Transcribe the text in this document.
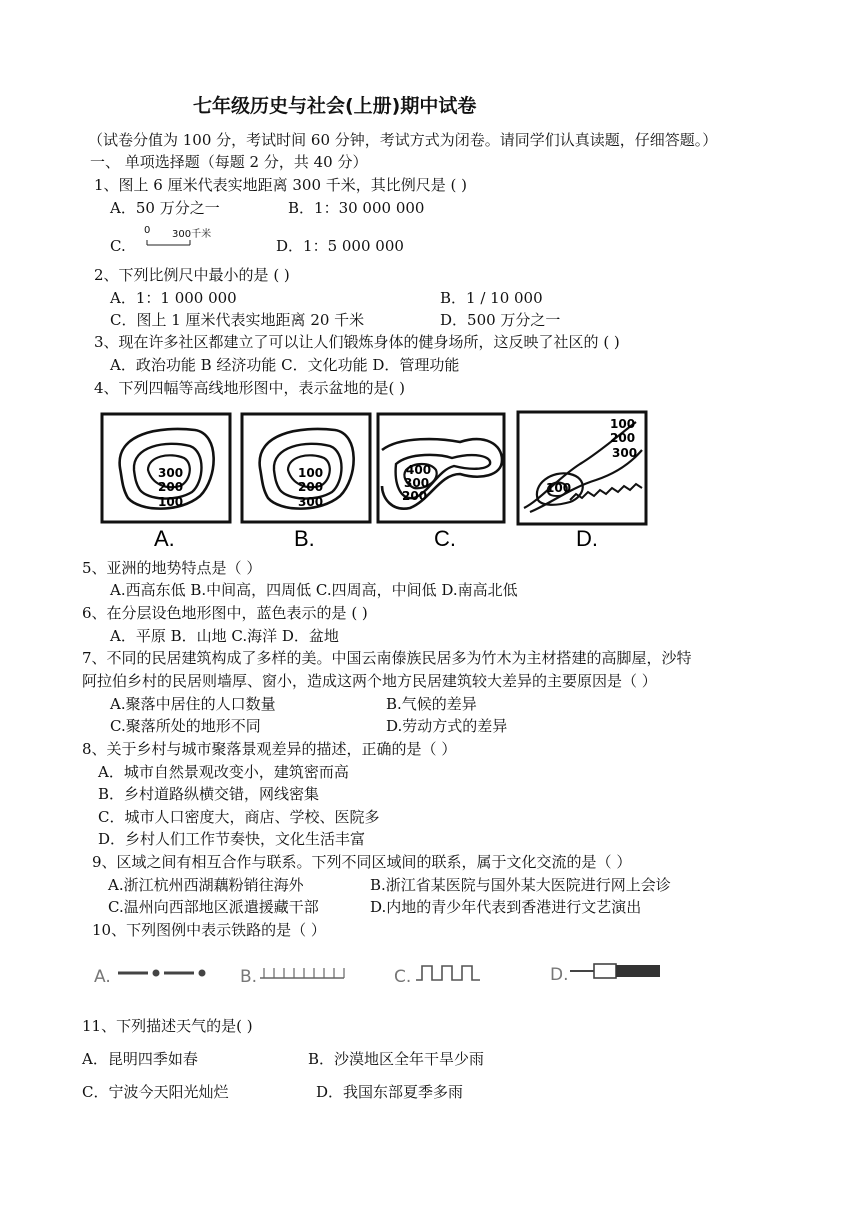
七年级历史与社会(上册)期中试卷
（试卷分值为 100 分，考试时间 60 分钟，考试方式为闭卷。请同学们认真读题，仔细答题。）
一、 单项选择题（每题 2 分，共 40 分）
1、图上 6 厘米代表实地距离 300 千米，其比例尺是 ( )
A．50 万分之一	B．1：30 000 000
C.
0 300千米
D．1：5 000 000
2、下列比例尺中最小的是 ( )
A．1：1 000 000	B．1 / 10 000
C．图上 1 厘米代表实地距离 20 千米	D．500 万分之一
3、现在许多社区都建立了可以让人们锻炼身体的健身场所，这反映了社区的 ( )
A．政治功能 B 经济功能 C．文化功能 D．管理功能
4、下列四幅等高线地形图中，表示盆地的是( )
300
200
100
A.
100
200
300
B.
400
300
200
C.
100
200
300
100
D.
5、亚洲的地势特点是（ ）
A.西高东低 B.中间高，四周低 C.四周高，中间低 D.南高北低
6、在分层设色地形图中，蓝色表示的是 ( )
A．平原 B．山地 C.海洋 D．盆地
7、不同的民居建筑构成了多样的美。中国云南傣族民居多为竹木为主材搭建的高脚屋，沙特
阿拉伯乡村的民居则墙厚、窗小，造成这两个地方民居建筑较大差异的主要原因是（ ）
A.聚落中居住的人口数量	B.气候的差异
C.聚落所处的地形不同	D.劳动方式的差异
8、关于乡村与城市聚落景观差异的描述，正确的是（ ）
A．城市自然景观改变小，建筑密而高
B．乡村道路纵横交错，网线密集
C．城市人口密度大，商店、学校、医院多
D．乡村人们工作节奏快，文化生活丰富
9、区域之间有相互合作与联系。下列不同区域间的联系，属于文化交流的是（ ）
A.浙江杭州西湖藕粉销往海外	B.浙江省某医院与国外某大医院进行网上会诊
C.温州向西部地区派遣援藏干部	D.内地的青少年代表到香港进行文艺演出
10、下列图例中表示铁路的是（ ）
A.	B.	C.	D.
11、下列描述天气的是( )
A．昆明四季如春	B．沙漠地区全年干旱少雨
C．宁波今天阳光灿烂	D．我国东部夏季多雨
